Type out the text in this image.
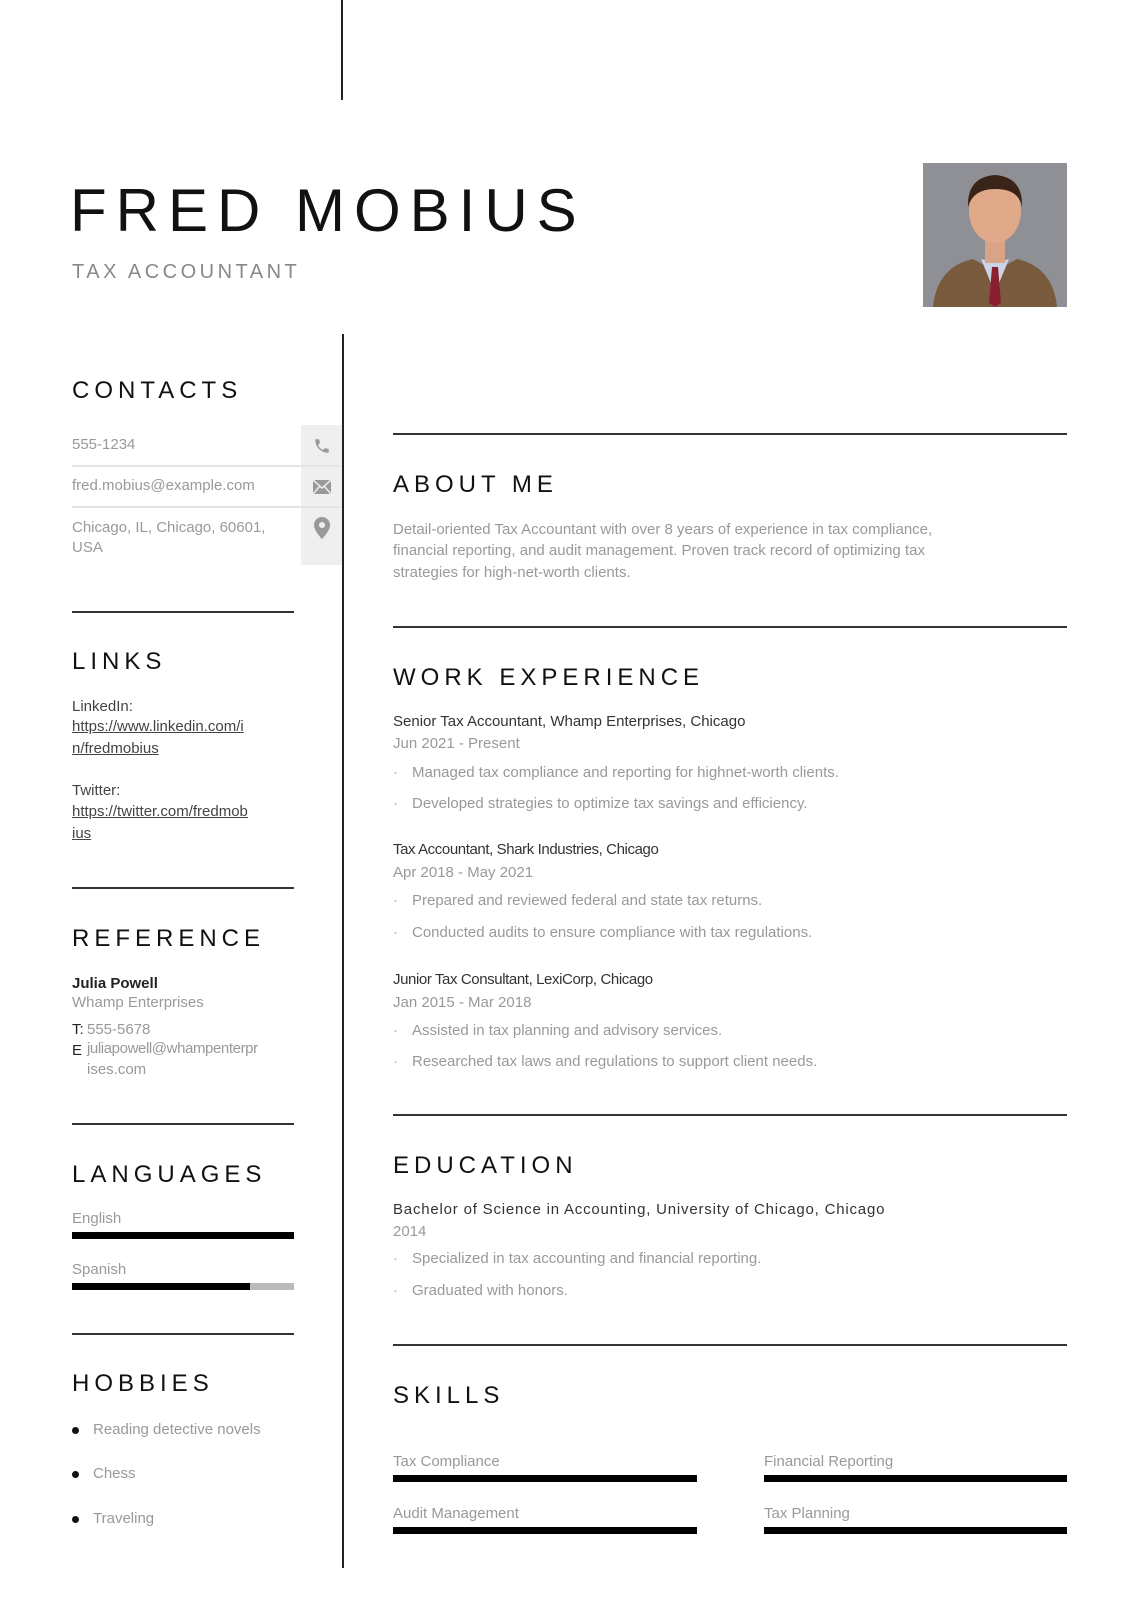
FRED MOBIUS
TAX ACCOUNTANT
CONTACTS
555-1234
fred.mobius@example.com
Chicago, IL, Chicago, 60601,
USA
LINKS
LinkedIn:
https://www.linkedin.com/i
n/fredmobius
Twitter:
https://twitter.com/fredmob
ius
REFERENCE
Julia Powell
Whamp Enterprises
T: 555-5678
E juliapowell@whampenterpr
ises.com
LANGUAGES
English
Spanish
HOBBIES
Reading detective novels
Chess
Traveling
ABOUT ME
Detail-oriented Tax Accountant with over 8 years of experience in tax compliance,
financial reporting, and audit management. Proven track record of optimizing tax
strategies for high-net-worth clients.
WORK EXPERIENCE
Senior Tax Accountant, Whamp Enterprises, Chicago
Jun 2021 - Present
· Managed tax compliance and reporting for highnet-worth clients.
· Developed strategies to optimize tax savings and efficiency.
Tax Accountant, Shark Industries, Chicago
Apr 2018 - May 2021
· Prepared and reviewed federal and state tax returns.
· Conducted audits to ensure compliance with tax regulations.
Junior Tax Consultant, LexiCorp, Chicago
Jan 2015 - Mar 2018
· Assisted in tax planning and advisory services.
· Researched tax laws and regulations to support client needs.
EDUCATION
Bachelor of Science in Accounting, University of Chicago, Chicago
2014
· Specialized in tax accounting and financial reporting.
· Graduated with honors.
SKILLS
Tax Compliance	Financial Reporting
Audit Management	Tax Planning
